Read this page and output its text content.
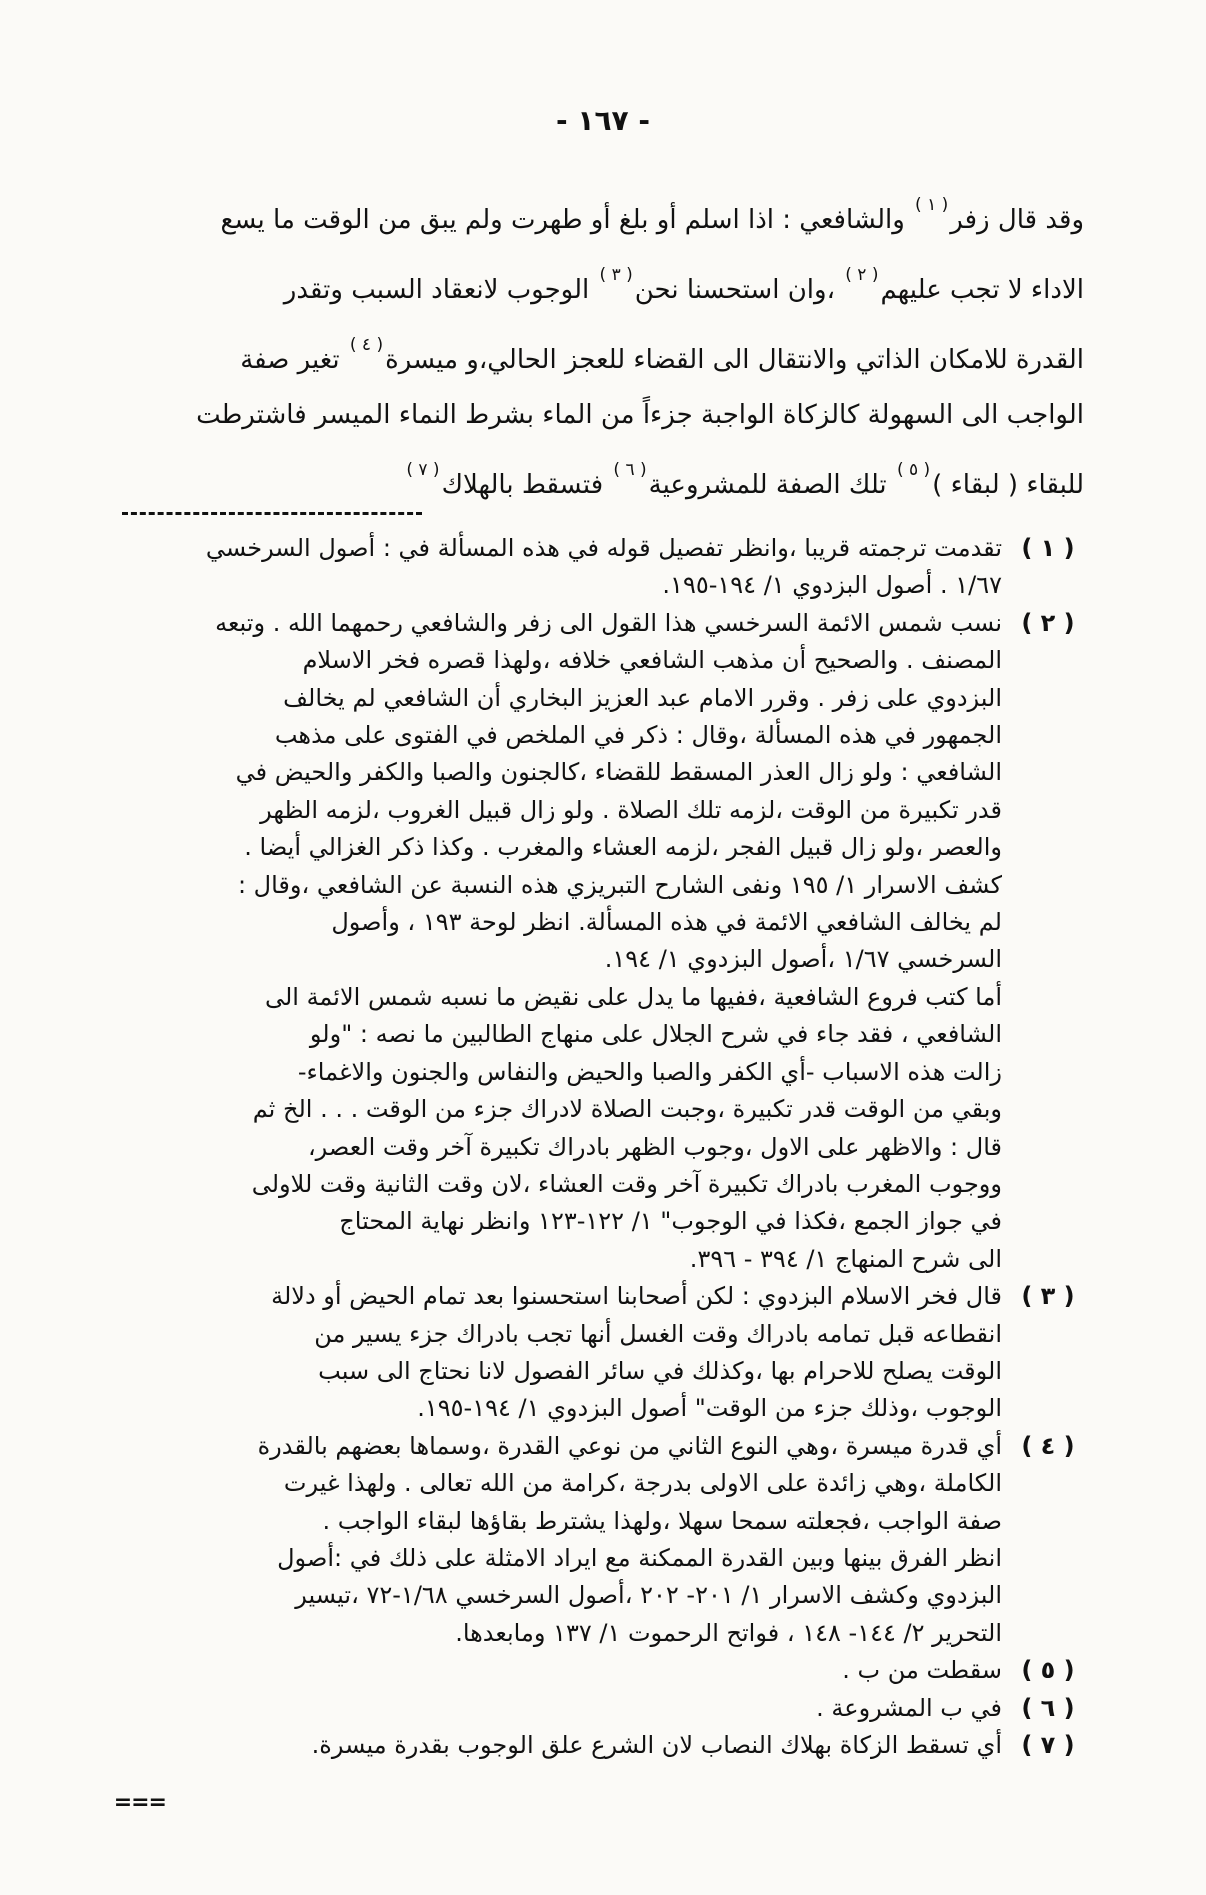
- ١٦٧ -
وقد قال زفر$^{( ١ )}$ والشافعي : اذا اسلم أو بلغ أو طهرت ولم يبق من الوقت ما يسع
الاداء لا تجب عليهم$^{( ٢ )}$ ،وان استحسنا نحن$^{( ٣ )}$ الوجوب لانعقاد السبب وتقدر
القدرة للامكان الذاتي والانتقال الى القضاء للعجز الحالي،و ميسرة$^{( ٤ )}$ تغير صفة
الواجب الى السهولة كالزكاة الواجبة جزءاً من الماء بشرط النماء الميسر فاشترطت
للبقاء ( لبقاء )$^{( ٥ )}$ تلك الصفة للمشروعية$^{( ٦ )}$ فتسقط بالهلاك$^{( ٧ )}$
( ١ )
تقدمت ترجمته قريبا ،وانظر تفصيل قوله في هذه المسألة في : أصول السرخسي
١/٦٧ . أصول البزدوي ١/ ١٩٤-١٩٥.
( ٢ )
نسب شمس الائمة السرخسي هذا القول الى زفر والشافعي رحمهما الله . وتبعه
المصنف . والصحيح أن مذهب الشافعي خلافه ،ولهذا قصره فخر الاسلام
البزدوي على زفر . وقرر الامام عبد العزيز البخاري أن الشافعي لم يخالف
الجمهور في هذه المسألة ،وقال : ذكر في الملخص في الفتوى على مذهب
الشافعي : ولو زال العذر المسقط للقضاء ،كالجنون والصبا والكفر والحيض في
قدر تكبيرة من الوقت ،لزمه تلك الصلاة . ولو زال قبيل الغروب ،لزمه الظهر
والعصر ،ولو زال قبيل الفجر ،لزمه العشاء والمغرب . وكذا ذكر الغزالي أيضا .
كشف الاسرار ١/ ١٩٥ ونفى الشارح التبريزي هذه النسبة عن الشافعي ،وقال :
لم يخالف الشافعي الائمة في هذه المسألة. انظر لوحة ١٩٣ ، وأصول
السرخسي ١/٦٧ ،أصول البزدوي ١/ ١٩٤.
أما كتب فروع الشافعية ،ففيها ما يدل على نقيض ما نسبه شمس الائمة الى
الشافعي ، فقد جاء في شرح الجلال على منهاج الطالبين ما نصه : "ولو
زالت هذه الاسباب -أي الكفر والصبا والحيض والنفاس والجنون والاغماء-
وبقي من الوقت قدر تكبيرة ،وجبت الصلاة لادراك جزء من الوقت . . . الخ ثم
قال : والاظهر على الاول ،وجوب الظهر بادراك تكبيرة آخر وقت العصر،
ووجوب المغرب بادراك تكبيرة آخر وقت العشاء ،لان وقت الثانية وقت للاولى
في جواز الجمع ،فكذا في الوجوب" ١/ ١٢٢-١٢٣ وانظر نهاية المحتاج
الى شرح المنهاج ١/ ٣٩٤ - ٣٩٦.
( ٣ )
قال فخر الاسلام البزدوي : لكن أصحابنا استحسنوا بعد تمام الحيض أو دلالة
انقطاعه قبل تمامه بادراك وقت الغسل أنها تجب بادراك جزء يسير من
الوقت يصلح للاحرام بها ،وكذلك في سائر الفصول لانا نحتاج الى سبب
الوجوب ،وذلك جزء من الوقت" أصول البزدوي ١/ ١٩٤-١٩٥.
( ٤ )
أي قدرة ميسرة ،وهي النوع الثاني من نوعي القدرة ،وسماها بعضهم بالقدرة
الكاملة ،وهي زائدة على الاولى بدرجة ،كرامة من الله تعالى . ولهذا غيرت
صفة الواجب ،فجعلته سمحا سهلا ،ولهذا يشترط بقاؤها لبقاء الواجب .
انظر الفرق بينها وبين القدرة الممكنة مع ايراد الامثلة على ذلك في :أصول
البزدوي وكشف الاسرار ١/ ٢٠١- ٢٠٢ ،أصول السرخسي ١/٦٨-٧٢ ،تيسير
التحرير ٢/ ١٤٤- ١٤٨ ، فواتح الرحموت ١/ ١٣٧ ومابعدها.
( ٥ )
سقطت من ب .
( ٦ )
في ب المشروعة .
( ٧ )
أي تسقط الزكاة بهلاك النصاب لان الشرع علق الوجوب بقدرة ميسرة.
===
